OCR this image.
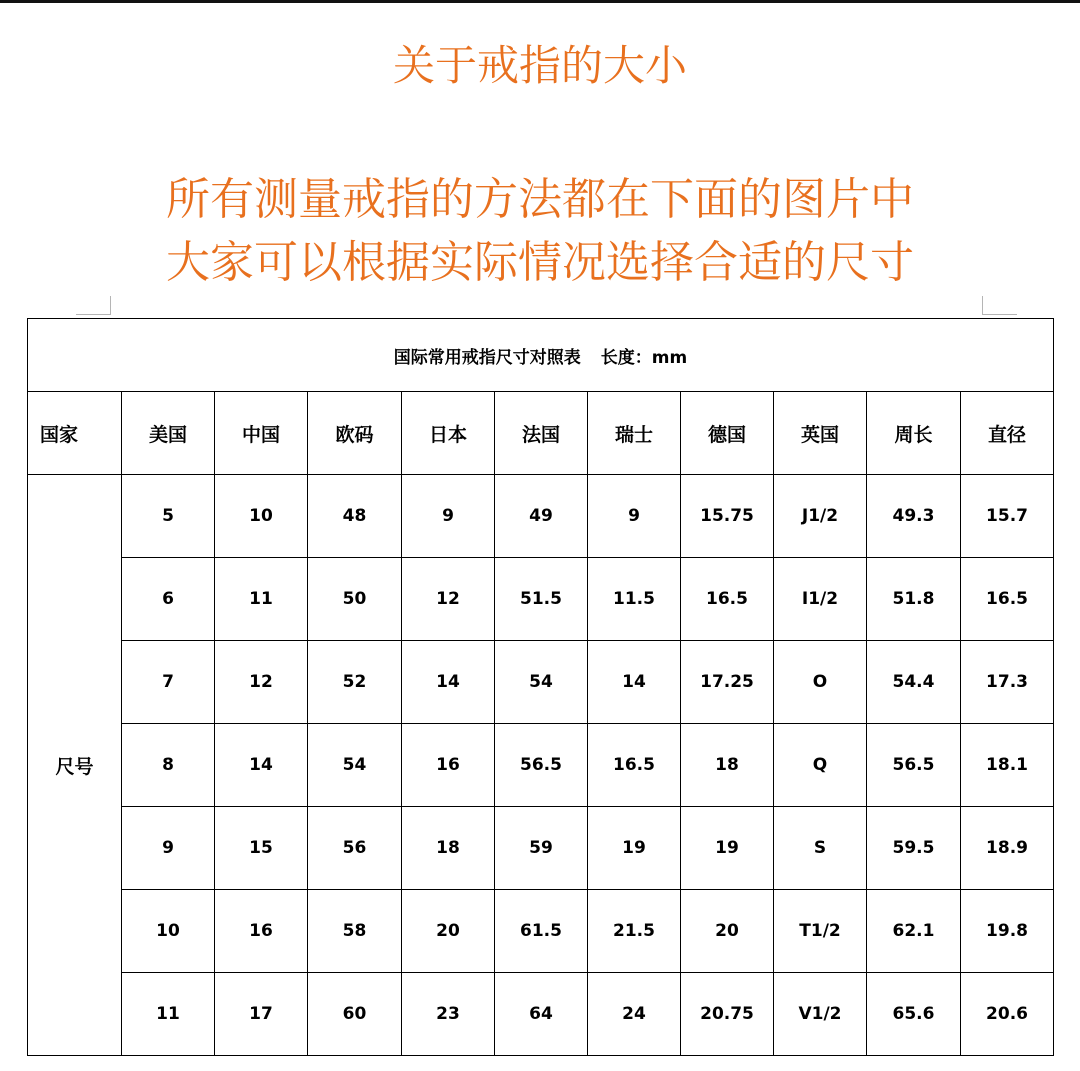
关于戒指的大小
所有测量戒指的方法都在下面的图片中
大家可以根据实际情况选择合适的尺寸
国际常用戒指尺寸对照表 长度：mm										
国家	美国	中国	欧码	日本	法国	瑞士	德国	英国	周长	直径
尺号	5	10	48	9	49	9	15.75	J1/2	49.3	15.7
	6	11	50	12	51.5	11.5	16.5	I1/2	51.8	16.5
	7	12	52	14	54	14	17.25	O	54.4	17.3
	8	14	54	16	56.5	16.5	18	Q	56.5	18.1
	9	15	56	18	59	19	19	S	59.5	18.9
	10	16	58	20	61.5	21.5	20	T1/2	62.1	19.8
	11	17	60	23	64	24	20.75	V1/2	65.6	20.6
